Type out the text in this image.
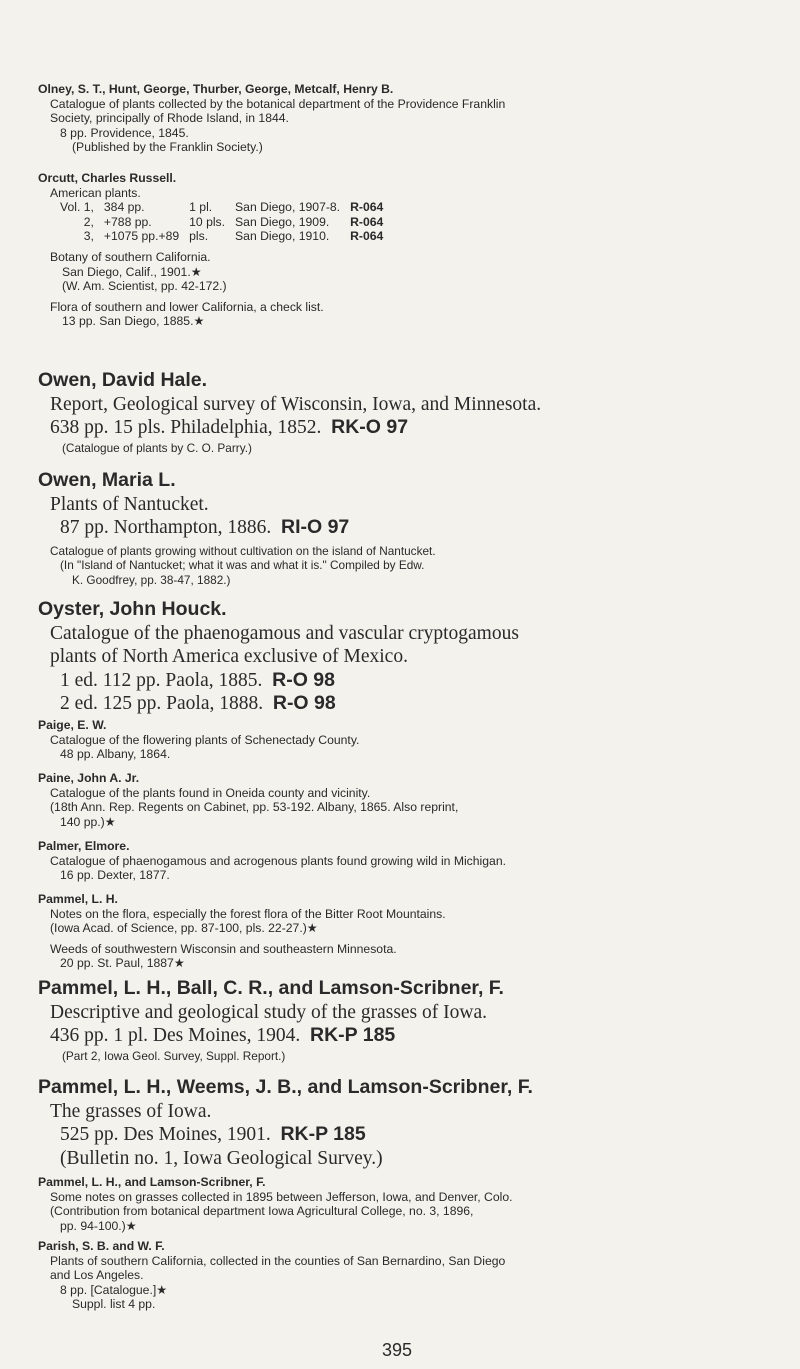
Olney, S. T., Hunt, George, Thurber, George, Metcalf, Henry B.
Catalogue of plants collected by the botanical department of the Providence Franklin
Society, principally of Rhode Island, in 1844.
8 pp. Providence, 1845.
(Published by the Franklin Society.)
Orcutt, Charles Russell.
American plants.
Vol. 1,	384 pp.	1 pl.	San Diego, 1907-8.	R-064
2,	+788 pp.	10 pls.	San Diego, 1909.	R-064
3,	+1075 pp.+89	pls.	San Diego, 1910.	R-064
Botany of southern California.
San Diego, Calif., 1901.★
(W. Am. Scientist, pp. 42-172.)
Flora of southern and lower California, a check list.
13 pp. San Diego, 1885.★
Owen, David Hale.
Report, Geological survey of Wisconsin, Iowa, and Minnesota.
638 pp. 15 pls. Philadelphia, 1852. RK-O 97
(Catalogue of plants by C. O. Parry.)
Owen, Maria L.
Plants of Nantucket.
87 pp. Northampton, 1886. RI-O 97
Catalogue of plants growing without cultivation on the island of Nantucket.
(In "Island of Nantucket; what it was and what it is." Compiled by Edw.
K. Goodfrey, pp. 38-47, 1882.)
Oyster, John Houck.
Catalogue of the phaenogamous and vascular cryptogamous
plants of North America exclusive of Mexico.
1 ed. 112 pp. Paola, 1885. R-O 98
2 ed. 125 pp. Paola, 1888. R-O 98
Paige, E. W.
Catalogue of the flowering plants of Schenectady County.
48 pp. Albany, 1864.
Paine, John A. Jr.
Catalogue of the plants found in Oneida county and vicinity.
(18th Ann. Rep. Regents on Cabinet, pp. 53-192. Albany, 1865. Also reprint,
140 pp.)★
Palmer, Elmore.
Catalogue of phaenogamous and acrogenous plants found growing wild in Michigan.
16 pp. Dexter, 1877.
Pammel, L. H.
Notes on the flora, especially the forest flora of the Bitter Root Mountains.
(Iowa Acad. of Science, pp. 87-100, pls. 22-27.)★
Weeds of southwestern Wisconsin and southeastern Minnesota.
20 pp. St. Paul, 1887★
Pammel, L. H., Ball, C. R., and Lamson-Scribner, F.
Descriptive and geological study of the grasses of Iowa.
436 pp. 1 pl. Des Moines, 1904. RK-P 185
(Part 2, Iowa Geol. Survey, Suppl. Report.)
Pammel, L. H., Weems, J. B., and Lamson-Scribner, F.
The grasses of Iowa.
525 pp. Des Moines, 1901. RK-P 185
(Bulletin no. 1, Iowa Geological Survey.)
Pammel, L. H., and Lamson-Scribner, F.
Some notes on grasses collected in 1895 between Jefferson, Iowa, and Denver, Colo.
(Contribution from botanical department Iowa Agricultural College, no. 3, 1896,
pp. 94-100.)★
Parish, S. B. and W. F.
Plants of southern California, collected in the counties of San Bernardino, San Diego
and Los Angeles.
8 pp. [Catalogue.]★
Suppl. list 4 pp.
395
